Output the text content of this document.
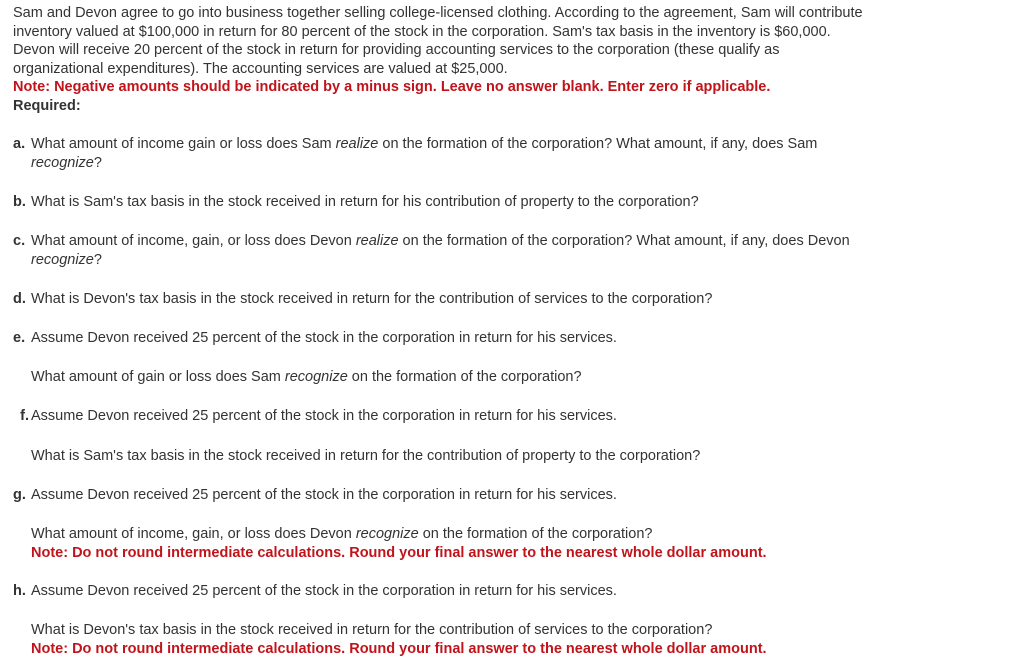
Sam and Devon agree to go into business together selling college-licensed clothing. According to the agreement, Sam will contribute

inventory valued at $100,000 in return for 80 percent of the stock in the corporation. Sam's tax basis in the inventory is $60,000.

Devon will receive 20 percent of the stock in return for providing accounting services to the corporation (these qualify as

organizational expenditures). The accounting services are valued at $25,000.

Note: Negative amounts should be indicated by a minus sign. Leave no answer blank. Enter zero if applicable.

Required:

a. What amount of income gain or loss does Sam realize on the formation of the corporation? What amount, if any, does Sam
recognize?
b. What is Sam's tax basis in the stock received in return for his contribution of property to the corporation?
c. What amount of income, gain, or loss does Devon realize on the formation of the corporation? What amount, if any, does Devon
recognize?
d. What is Devon's tax basis in the stock received in return for the contribution of services to the corporation?
e. Assume Devon received 25 percent of the stock in the corporation in return for his services.
What amount of gain or loss does Sam recognize on the formation of the corporation?
f. Assume Devon received 25 percent of the stock in the corporation in return for his services.
What is Sam's tax basis in the stock received in return for the contribution of property to the corporation?
g. Assume Devon received 25 percent of the stock in the corporation in return for his services.
What amount of income, gain, or loss does Devon recognize on the formation of the corporation?
Note: Do not round intermediate calculations. Round your final answer to the nearest whole dollar amount.
h. Assume Devon received 25 percent of the stock in the corporation in return for his services.
What is Devon's tax basis in the stock received in return for the contribution of services to the corporation?
Note: Do not round intermediate calculations. Round your final answer to the nearest whole dollar amount.
